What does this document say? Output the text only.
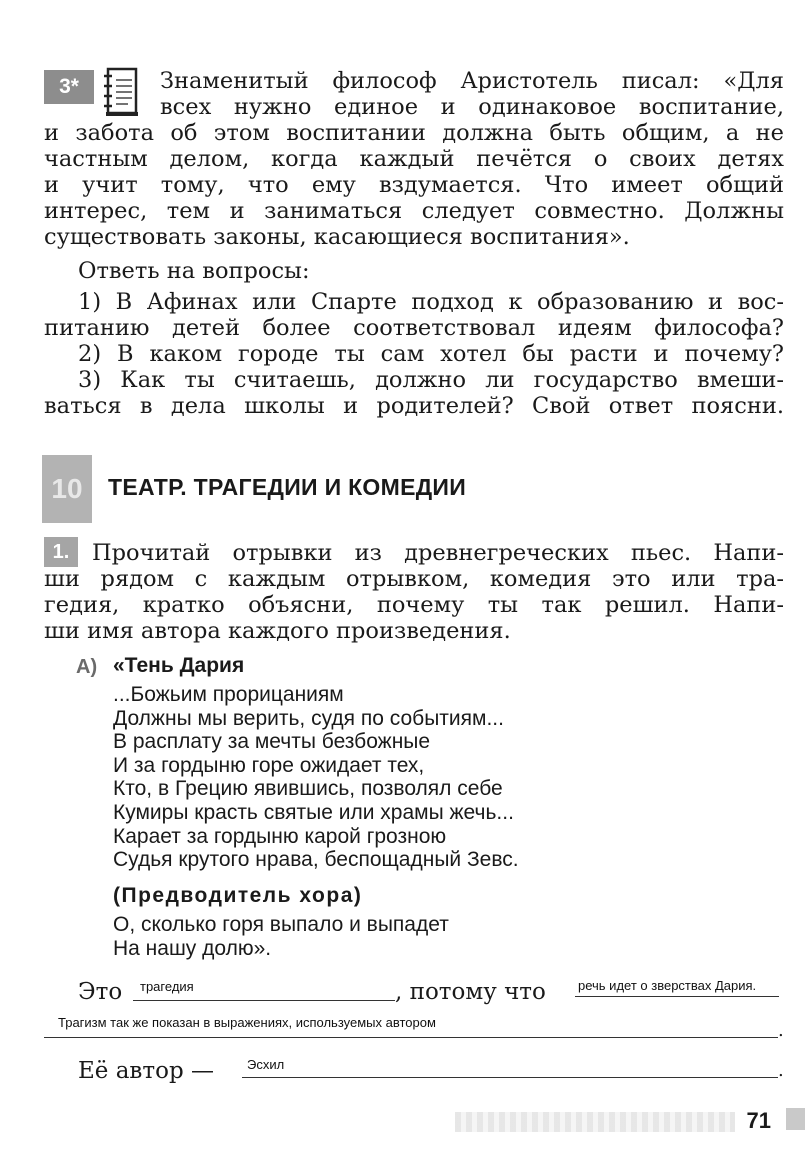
3*	Знаменитый философ Аристотель писал: «Для
всех нужно единое и одинаковое воспитание,
и забота об этом воспитании должна быть общим, а не
частным делом, когда каждый печётся о своих детях
и учит тому, что ему вздумается. Что имеет общий
интерес, тем и заниматься следует совместно. Должны
существовать законы, касающиеся воспитания».
Ответь на вопросы:
1) В Афинах или Спарте подход к образованию и вос-
питанию детей более соответствовал идеям философа?
2) В каком городе ты сам хотел бы расти и почему?
3) Как ты считаешь, должно ли государство вмеши-
ваться в дела школы и родителей? Свой ответ поясни.
10	ТЕАТР. ТРАГЕДИИ И КОМЕДИИ
1.	Прочитай отрывки из древнегреческих пьес. Напи-
ши рядом с каждым отрывком, комедия это или тра-
гедия, кратко объясни, почему ты так решил. Напи-
ши имя автора каждого произведения.
А) «Тень Дария
...Божьим прорицаниям
Должны мы верить, судя по событиям...
В расплату за мечты безбожные
И за гордыню горе ожидает тех,
Кто, в Грецию явившись, позволял себе
Кумиры красть святые или храмы жечь...
Карает за гордыню карой грозною
Судья крутого нрава, беспощадный Зевс.
(Предводитель хора)
О, сколько горя выпало и выпадет
На нашу долю».
Это трагедия	, потому что речь идет о зверствах Дария.
Трагизм так же показан в выражениях, используемых автором	.
Её автор —	Эсхил	.
71
